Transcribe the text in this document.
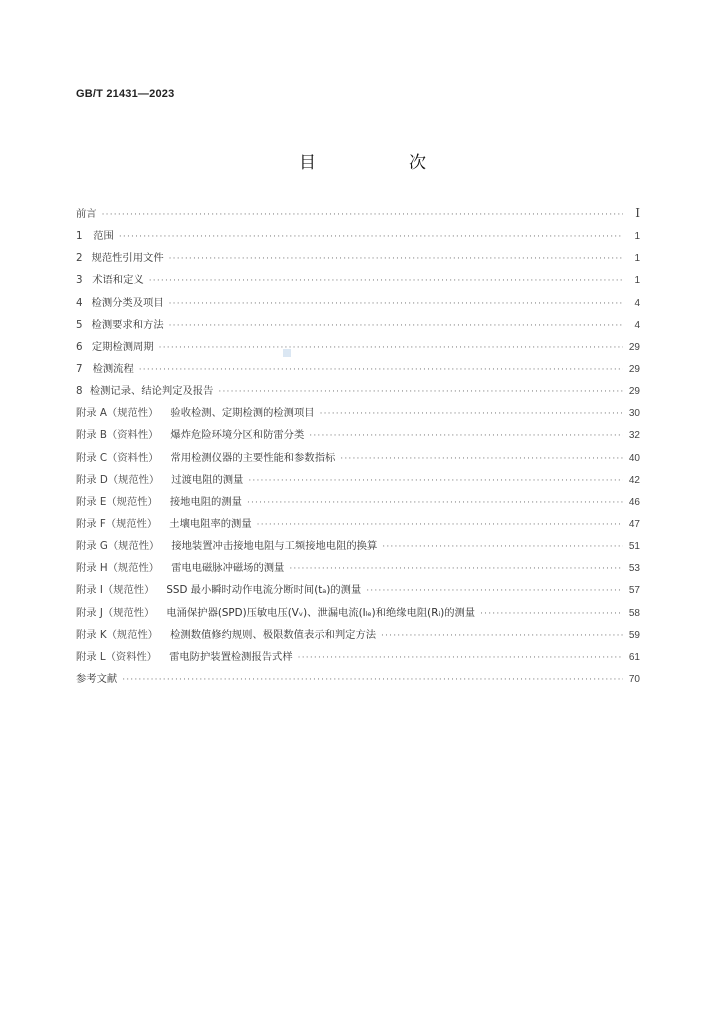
GB/T 21431—2023
目　次
前言 ·····	Ⅰ
1	范围 ·····	1
2 规范性引用文件 ·····	1
3 术语和定义 ·····	1
4 检测分类及项目 ·····	4
5 检测要求和方法 ·····	4
6 定期检测周期 ·····	29
7 检测流程 ·····	29
8 检测记录、结论判定及报告 ·····	29
附录 A（规范性） 验收检测、定期检测的检测项目 ·····	30
附录 B（资料性） 爆炸危险环境分区和防雷分类 ·····	32
附录 C（资料性） 常用检测仪器的主要性能和参数指标 ·····	40
附录 D（规范性） 过渡电阻的测量 ·····	42
附录 E（规范性） 接地电阻的测量 ·····	46
附录 F（规范性） 土壤电阻率的测量 ·····	47
附录 G（规范性） 接地装置冲击接地电阻与工频接地电阻的换算 ·····	51
附录 H（规范性） 雷电电磁脉冲磁场的测量 ·····	53
附录 I（规范性） SSD 最小瞬时动作电流分断时间(tₐ)的测量 ·····	57
附录 J（规范性） 电涌保护器(SPD)压敏电压(Vᵥ)、泄漏电流(Iₗₑ)和绝缘电阻(Rᵢ)的测量 ·····	58
附录 K（规范性） 检测数值修约规则、极限数值表示和判定方法 ·····	59
附录 L（资料性） 雷电防护装置检测报告式样 ·····	61
参考文献 ·····	70
